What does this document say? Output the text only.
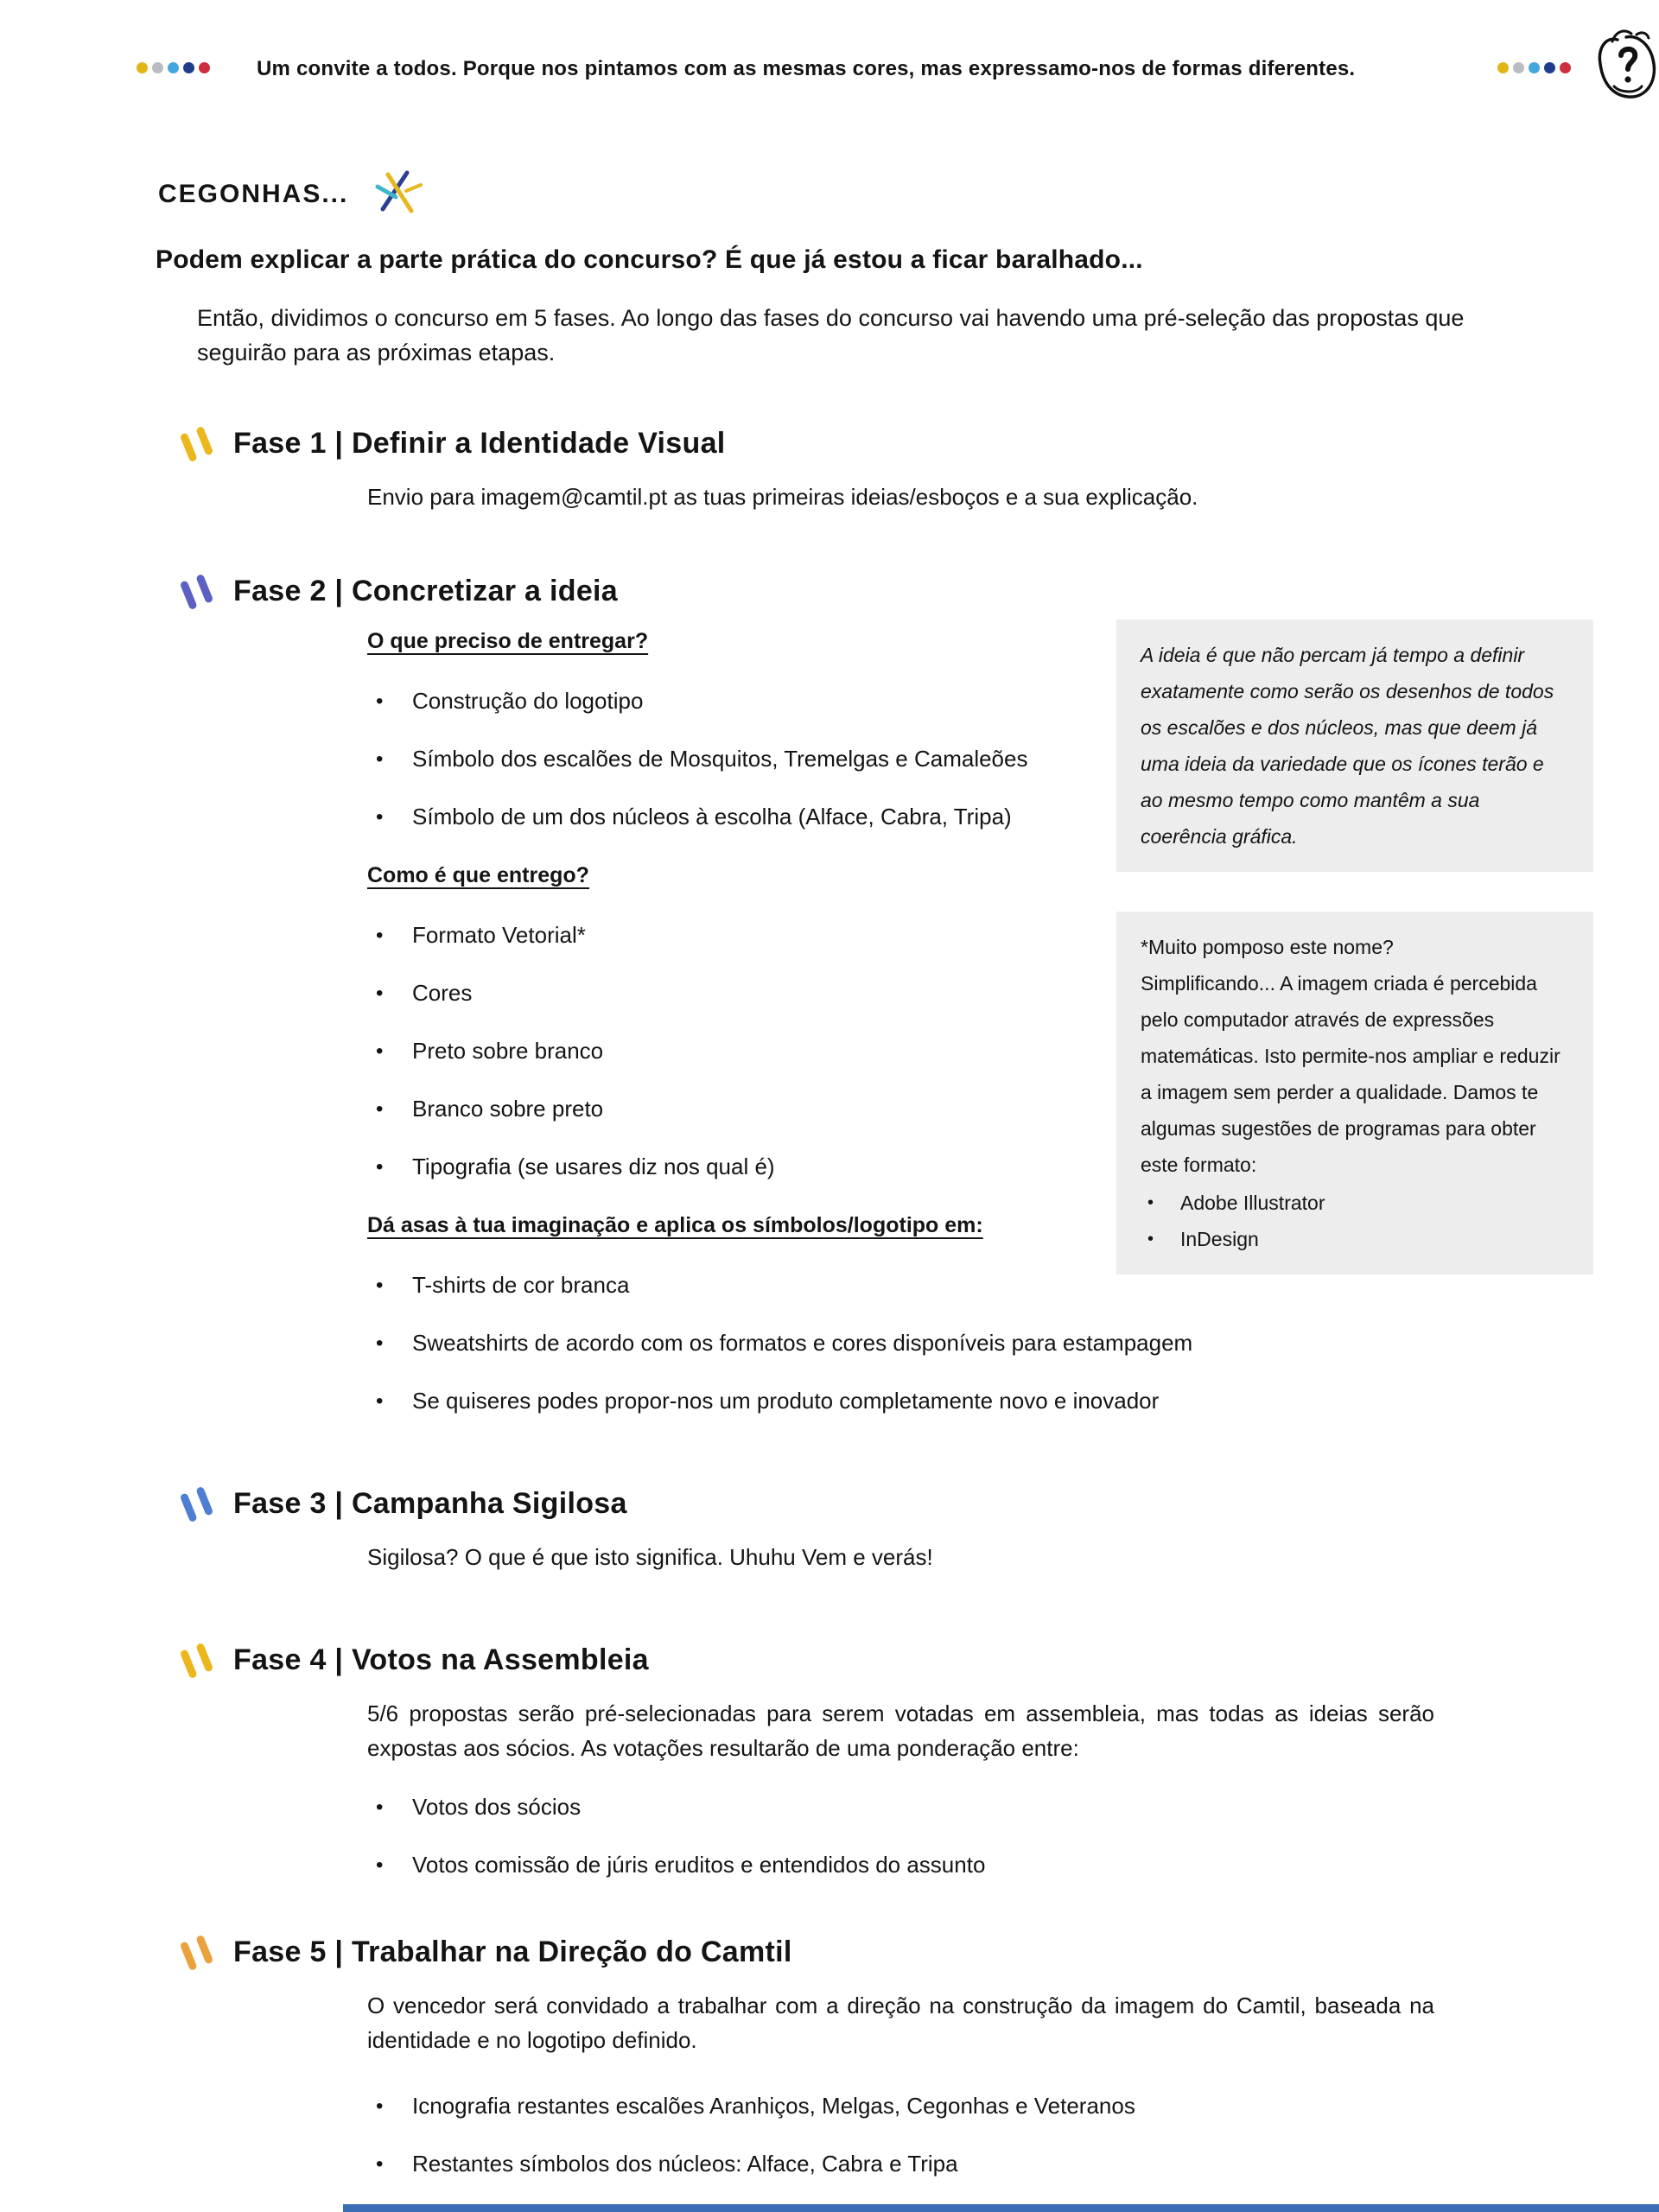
Um convite a todos. Porque nos pintamos com as mesmas cores, mas expressamo-nos de formas diferentes.
CEGONHAS...
Podem explicar a parte prática do concurso? É que já estou a ficar baralhado...

Então, dividimos o concurso em 5 fases. Ao longo das fases do concurso vai havendo uma pré-seleção das propostas que seguirão para as próximas etapas.

Fase 1 | Definir a Identidade Visual

Envio para imagem@camtil.pt as tuas primeiras ideias/esboços e a sua explicação.

Fase 2 | Concretizar a ideia
O que preciso de entregar?
• Construção do logotipo
• Símbolo dos escalões de Mosquitos, Tremelgas e Camaleões
• Símbolo de um dos núcleos à escolha (Alface, Cabra, Tripa)
Como é que entrego?
• Formato Vetorial*
• Cores
• Preto sobre branco
• Branco sobre preto
• Tipografia (se usares diz nos qual é)
Dá asas à tua imaginação e aplica os símbolos/logotipo em:
• T-shirts de cor branca
• Sweatshirts de acordo com os formatos e cores disponíveis para estampagem
• Se quiseres podes propor-nos um produto completamente novo e inovador

A ideia é que não percam já tempo a definir exatamente como serão os desenhos de todos os escalões e dos núcleos, mas que deem já uma ideia da variedade que os ícones terão e ao mesmo tempo como mantêm a sua coerência gráfica.

*Muito pomposo este nome?

Simplificando... A imagem criada é percebida pelo computador através de expressões matemáticas. Isto permite-nos ampliar e reduzir a imagem sem perder a qualidade. Damos te algumas sugestões de programas para obter este formato:

• Adobe Illustrator
• InDesign
Fase 3 | Campanha Sigilosa

Sigilosa? O que é que isto significa. Uhuhu Vem e verás!

Fase 4 | Votos na Assembleia

5/6 propostas serão pré-selecionadas para serem votadas em assembleia, mas todas as ideias serão expostas aos sócios. As votações resultarão de uma ponderação entre:

• Votos dos sócios
• Votos comissão de júris eruditos e entendidos do assunto
Fase 5 | Trabalhar na Direção do Camtil

O vencedor será convidado a trabalhar com a direção na construção da imagem do Camtil, baseada na identidade e no logotipo definido.

• Icnografia restantes escalões Aranhiços, Melgas, Cegonhas e Veteranos
• Restantes símbolos dos núcleos: Alface, Cabra e Tripa
